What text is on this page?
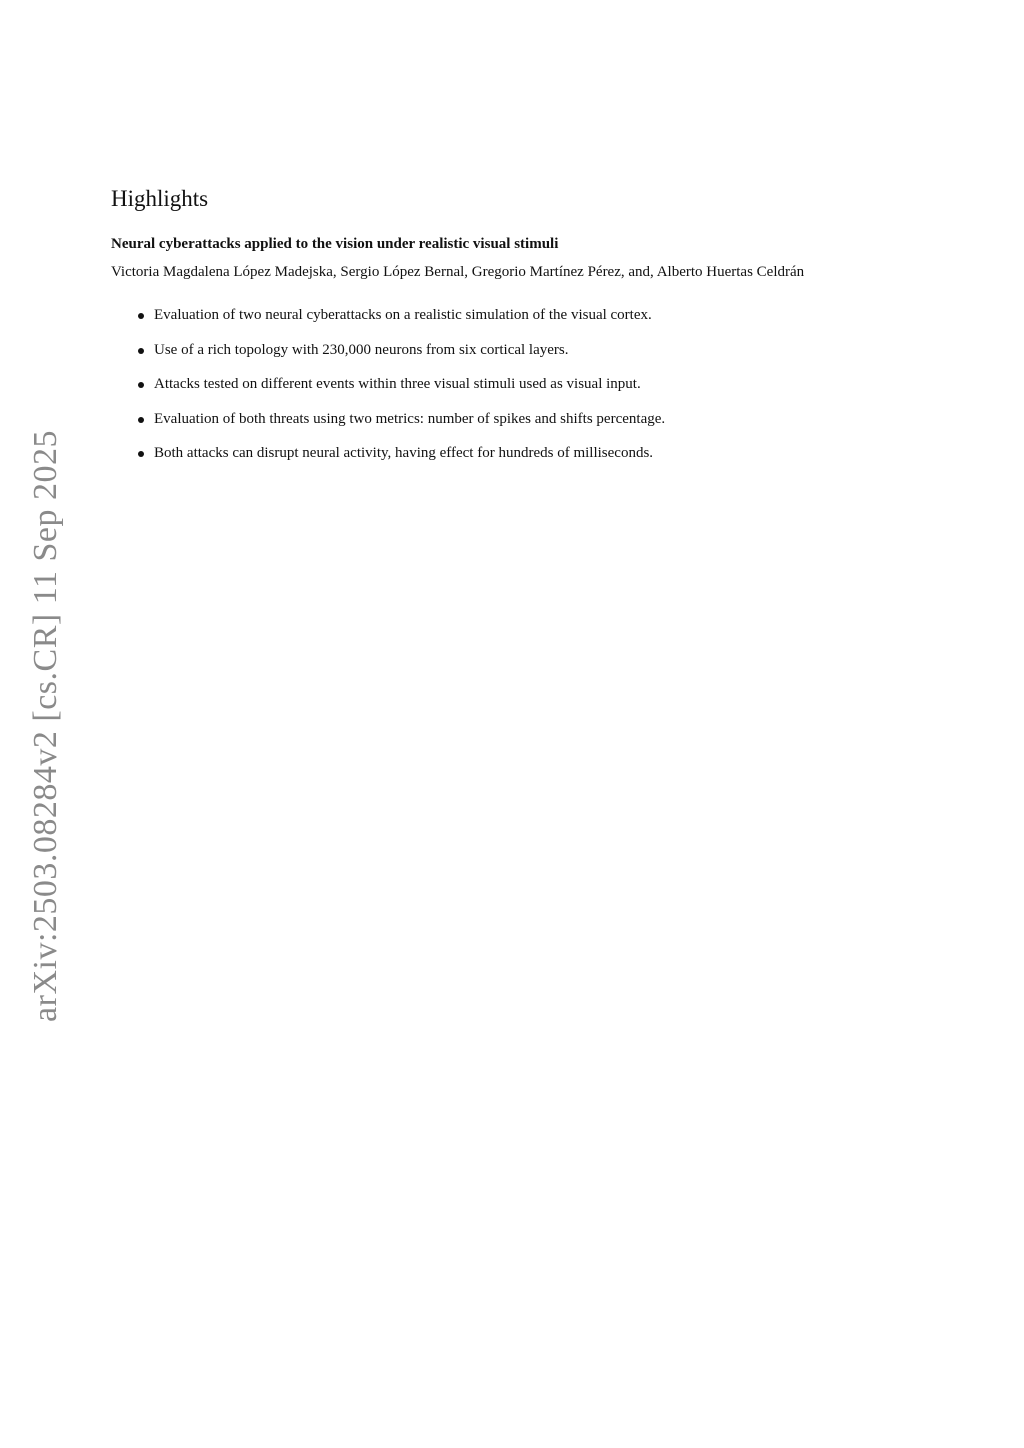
arXiv:2503.08284v2 [cs.CR] 11 Sep 2025
Highlights
Neural cyberattacks applied to the vision under realistic visual stimuli
Victoria Magdalena López Madejska, Sergio López Bernal, Gregorio Martínez Pérez, and, Alberto Huertas Celdrán
Evaluation of two neural cyberattacks on a realistic simulation of the visual cortex.
Use of a rich topology with 230,000 neurons from six cortical layers.
Attacks tested on different events within three visual stimuli used as visual input.
Evaluation of both threats using two metrics: number of spikes and shifts percentage.
Both attacks can disrupt neural activity, having effect for hundreds of milliseconds.
